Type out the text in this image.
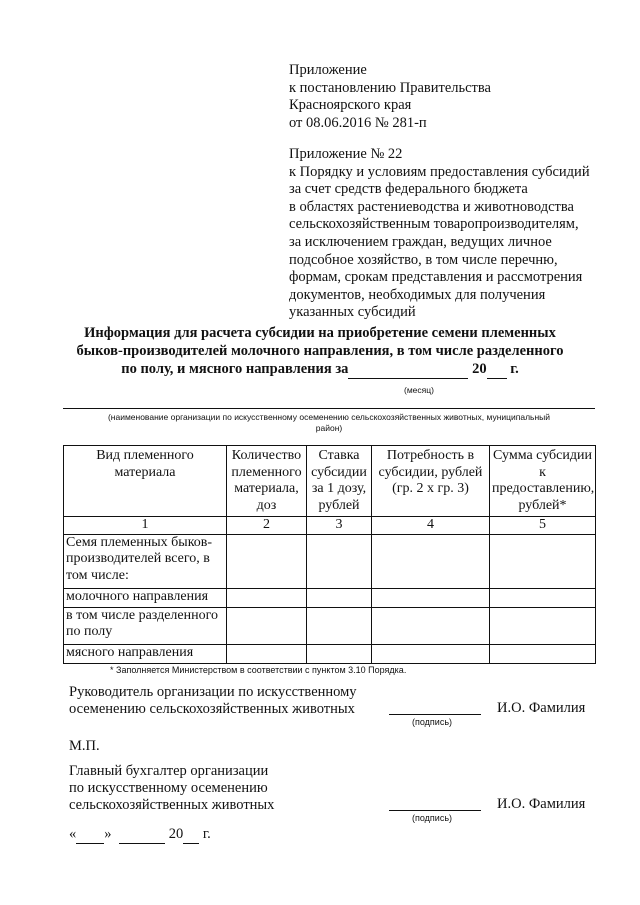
Приложение
к постановлению Правительства
Красноярского края
от 08.06.2016 № 281-п
Приложение № 22
к Порядку и условиям предоставления субсидий
за счет средств федерального бюджета
в областях растениеводства и животноводства
сельскохозяйственным товаропроизводителям,
за исключением граждан, ведущих личное
подсобное хозяйство, в том числе перечню,
формам, срокам представления и рассмотрения
документов, необходимых для получения
указанных субсидий
Информация для расчета субсидии на приобретение семени племенных
быков-производителей молочного направления, в том числе разделенного
по полу, и мясного направления за	20 г.
(месяц)
(наименование организации по искусственному осеменению сельскохозяйственных животных, муниципальный
район)
Вид племенного материала	Количество племенного материала, доз	Ставка субсидии за 1 дозу, рублей	Потребность в субсидии, рублей (гр. 2 х гр. 3)	Сумма субсидии к предоставлению, рублей*
1	2	3	4	5
Семя племенных быков-производителей всего, в том числе:				
молочного направления				
в том числе разделенного по полу				
мясного направления				
* Заполняется Министерством в соответствии с пунктом 3.10 Порядка.
Руководитель организации по искусственному
осеменению сельскохозяйственных животных
(подпись)
И.О. Фамилия
М.П.
Главный бухгалтер организации
по искусственному осеменению
сельскохозяйственных животных
(подпись)
И.О. Фамилия
« »	20 г.
